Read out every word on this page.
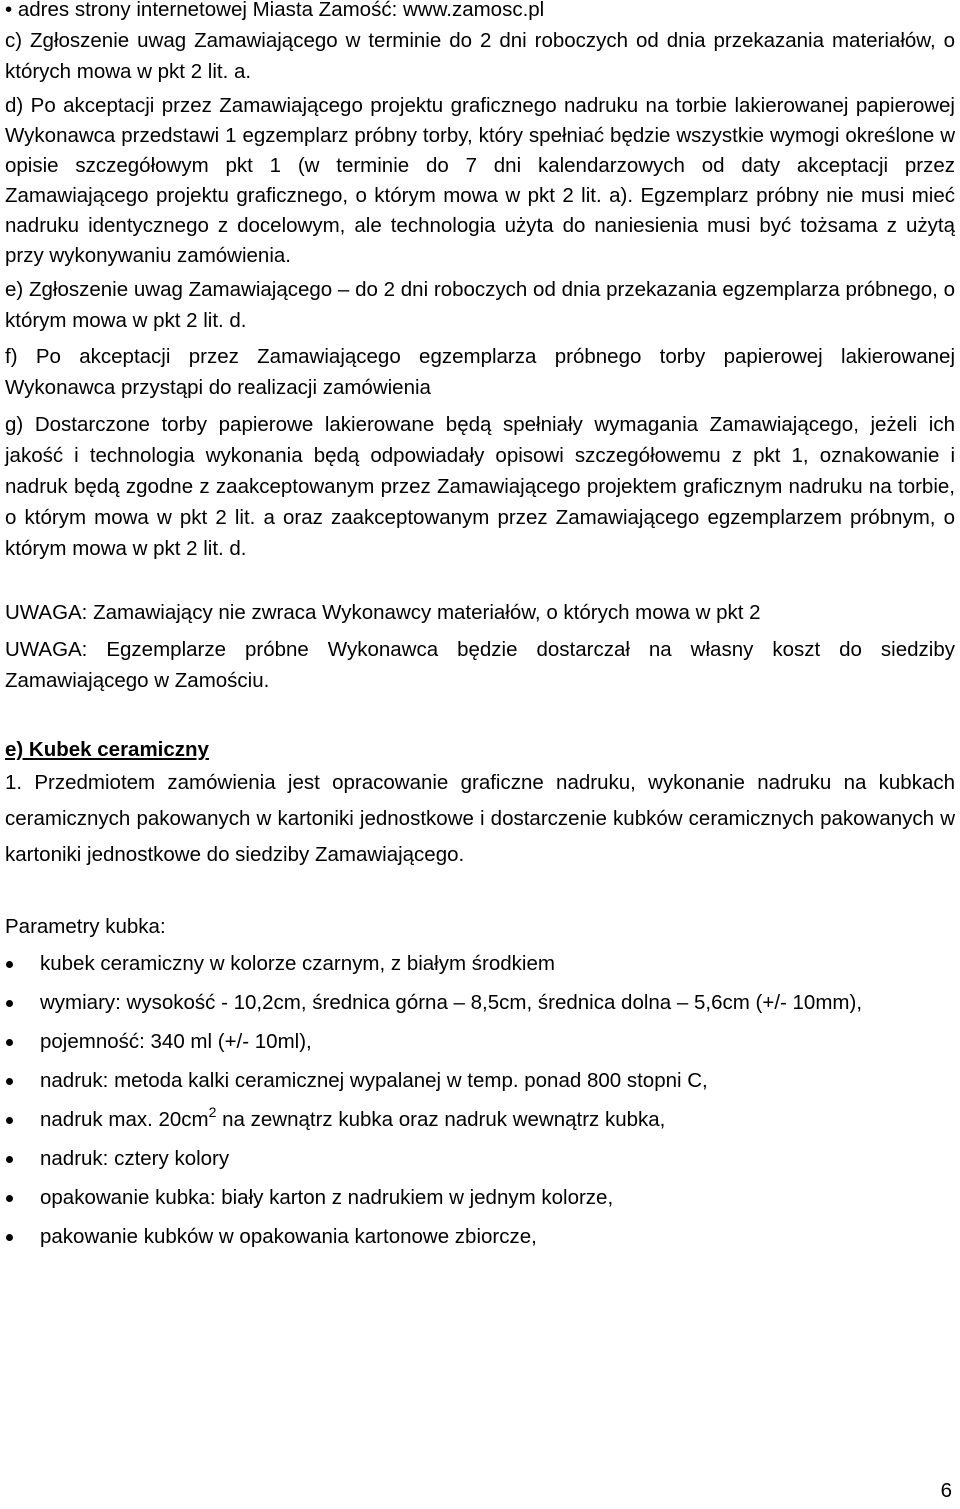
• adres strony internetowej Miasta Zamość: www.zamosc.pl

c) Zgłoszenie uwag Zamawiającego w terminie do 2 dni roboczych od dnia przekazania materiałów, o których mowa w pkt 2 lit. a.

d) Po akceptacji przez Zamawiającego projektu graficznego nadruku na torbie lakierowanej papierowej Wykonawca przedstawi 1 egzemplarz próbny torby, który spełniać będzie wszystkie wymogi określone w opisie szczegółowym pkt 1 (w terminie do 7 dni kalendarzowych od daty akceptacji przez Zamawiającego projektu graficznego, o którym mowa w pkt 2 lit. a). Egzemplarz próbny nie musi mieć nadruku identycznego z docelowym, ale technologia użyta do naniesienia musi być tożsama z użytą przy wykonywaniu zamówienia.

e) Zgłoszenie uwag Zamawiającego – do 2 dni roboczych od dnia przekazania egzemplarza próbnego, o którym mowa w pkt 2 lit. d.

f) Po akceptacji przez Zamawiającego egzemplarza próbnego torby papierowej lakierowanej Wykonawca przystąpi do realizacji zamówienia

g) Dostarczone torby papierowe lakierowane będą spełniały wymagania Zamawiającego, jeżeli ich jakość i technologia wykonania będą odpowiadały opisowi szczegółowemu z pkt 1, oznakowanie i nadruk będą zgodne z zaakceptowanym przez Zamawiającego projektem graficznym nadruku na torbie, o którym mowa w pkt 2 lit. a oraz zaakceptowanym przez Zamawiającego egzemplarzem próbnym, o którym mowa w pkt 2 lit. d.

UWAGA: Zamawiający nie zwraca Wykonawcy materiałów, o których mowa w pkt 2

UWAGA: Egzemplarze próbne Wykonawca będzie dostarczał na własny koszt do siedziby Zamawiającego w Zamościu.

e) Kubek ceramiczny

1. Przedmiotem zamówienia jest opracowanie graficzne nadruku, wykonanie nadruku na kubkach ceramicznych pakowanych w kartoniki jednostkowe i dostarczenie kubków ceramicznych pakowanych w kartoniki jednostkowe do siedziby Zamawiającego.

Parametry kubka:

kubek ceramiczny w kolorze czarnym, z białym środkiem
wymiary: wysokość - 10,2cm, średnica górna – 8,5cm, średnica dolna – 5,6cm (+/- 10mm),
pojemność: 340 ml (+/- 10ml),
nadruk: metoda kalki ceramicznej wypalanej w temp. ponad 800 stopni C,
nadruk max. $20cm^2$ na zewnątrz kubka oraz nadruk wewnątrz kubka,
nadruk: cztery kolory
opakowanie kubka: biały karton z nadrukiem w jednym kolorze,
pakowanie kubków w opakowania kartonowe zbiorcze,
6
